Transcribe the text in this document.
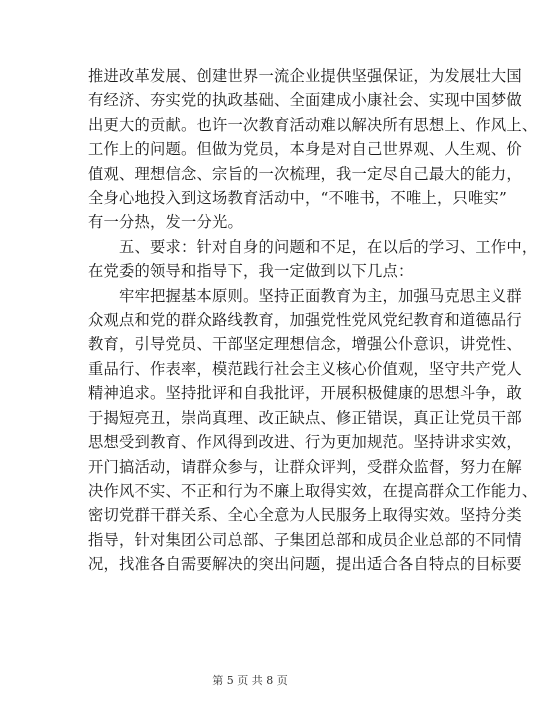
推进改革发展、创建世界一流企业提供坚强保证，为发展壮大国
有经济、夯实党的执政基础、全面建成小康社会、实现中国梦做
出更大的贡献。也许一次教育活动难以解决所有思想上、作风上、
工作上的问题。但做为党员，本身是对自己世界观、人生观、价
值观、理想信念、宗旨的一次梳理，我一定尽自己最大的能力，
全身心地投入到这场教育活动中，“不唯书，不唯上，只唯实”
有一分热，发一分光。
　　五、要求：针对自身的问题和不足，在以后的学习、工作中，
在党委的领导和指导下，我一定做到以下几点：
　　牢牢把握基本原则。坚持正面教育为主，加强马克思主义群
众观点和党的群众路线教育，加强党性党风党纪教育和道德品行
教育，引导党员、干部坚定理想信念，增强公仆意识，讲党性、
重品行、作表率，模范践行社会主义核心价值观，坚守共产党人
精神追求。坚持批评和自我批评，开展积极健康的思想斗争，敢
于揭短亮丑，崇尚真理、改正缺点、修正错误，真正让党员干部
思想受到教育、作风得到改进、行为更加规范。坚持讲求实效，
开门搞活动，请群众参与，让群众评判，受群众监督，努力在解
决作风不实、不正和行为不廉上取得实效，在提高群众工作能力、
密切党群干群关系、全心全意为人民服务上取得实效。坚持分类
指导，针对集团公司总部、子集团总部和成员企业总部的不同情
况，找准各自需要解决的突出问题，提出适合各自特点的目标要
第 5 页 共 8 页
